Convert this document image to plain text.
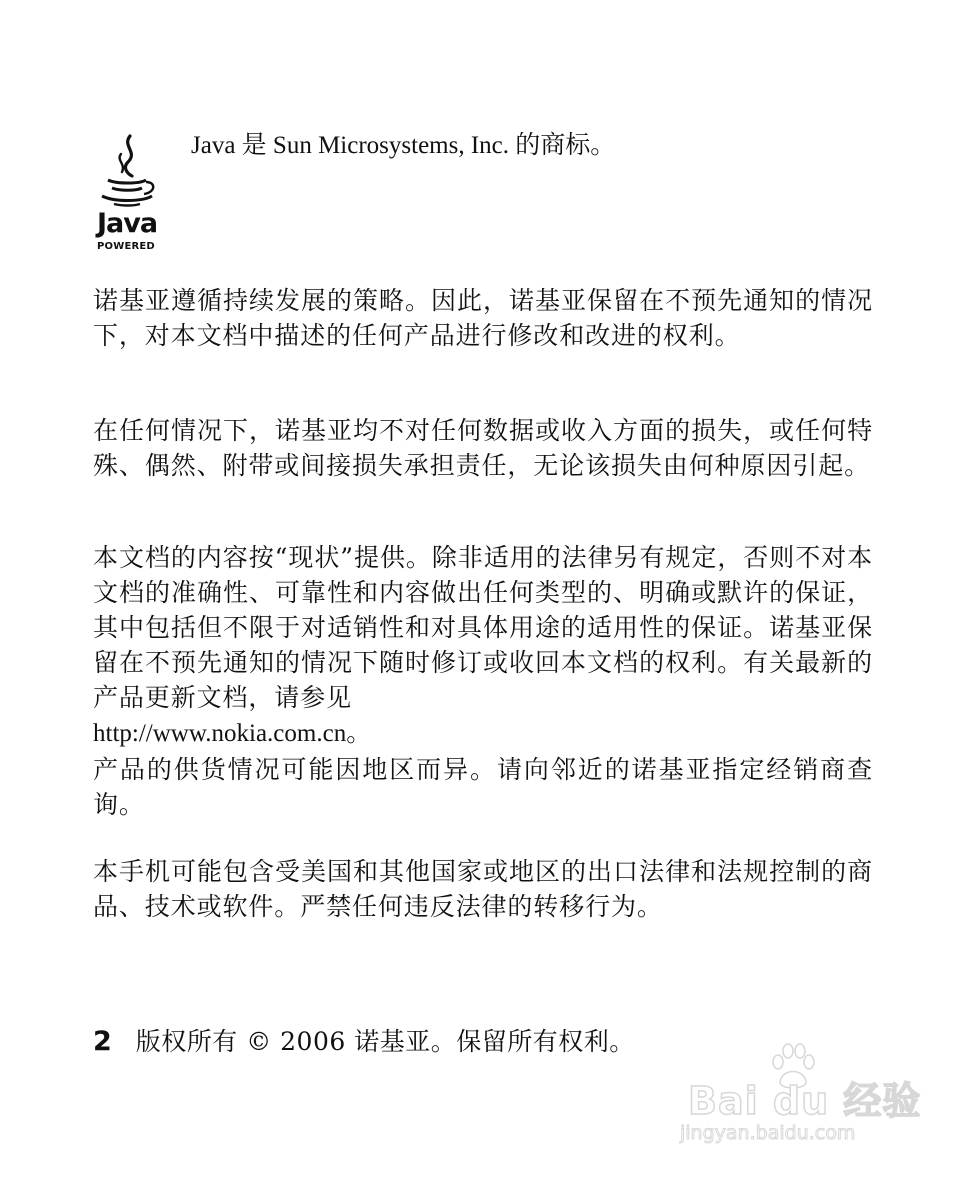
Java
POWERED
Java 是 Sun Microsystems, Inc. 的商标。

诺基亚遵循持续发展的策略。因此，诺基亚保留在不预先通知的情况下，对本文档中描述的任何产品进行修改和改进的权利。

在任何情况下，诺基亚均不对任何数据或收入方面的损失，或任何特殊、偶然、附带或间接损失承担责任，无论该损失由何种原因引起。

本文档的内容按“现状”提供。除非适用的法律另有规定，否则不对本文档的准确性、可靠性和内容做出任何类型的、明确或默许的保证，其中包括但不限于对适销性和对具体用途的适用性的保证。诺基亚保留在不预先通知的情况下随时修订或收回本文档的权利。有关最新的产品更新文档，请参见
http://www.nokia.com.cn。

产品的供货情况可能因地区而异。请向邻近的诺基亚指定经销商查询。

本手机可能包含受美国和其他国家或地区的出口法律和法规控制的商品、技术或软件。严禁任何违反法律的转移行为。

2 版权所有 © 2006 诺基亚。保留所有权利。
Bai du 经验
jingyan.baidu.com
